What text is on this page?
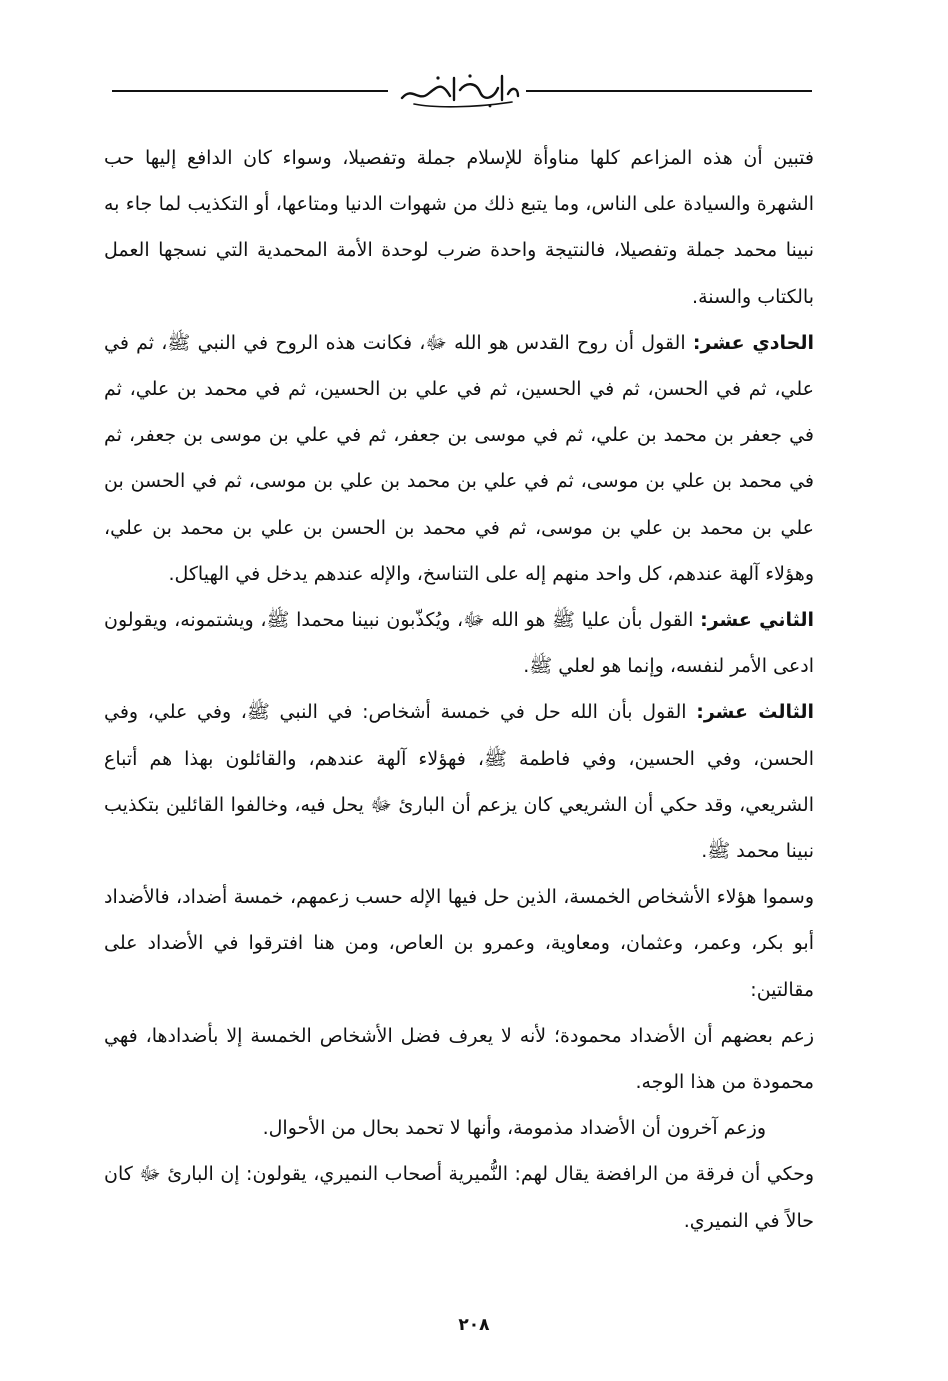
فتبين أن هذه المزاعم كلها مناوأة للإسلام جملة وتفصيلا، وسواء كان الدافع إليها حب الشهرة والسيادة على الناس، وما يتبع ذلك من شهوات الدنيا ومتاعها، أو التكذيب لما جاء به نبينا محمد جملة وتفصيلا، فالنتيجة واحدة ضرب لوحدة الأمة المحمدية التي نسجها العمل بالكتاب والسنة.

الحادي عشر: القول أن روح القدس هو الله ﷻ، فكانت هذه الروح في النبي ﷺ، ثم في علي، ثم في الحسن، ثم في الحسين، ثم في علي بن الحسين، ثم في محمد بن علي، ثم في جعفر بن محمد بن علي، ثم في موسى بن جعفر، ثم في علي بن موسى بن جعفر، ثم في محمد بن علي بن موسى، ثم في علي بن محمد بن علي بن موسى، ثم في الحسن بن علي بن محمد بن علي بن موسى، ثم في محمد بن الحسن بن علي بن محمد بن علي، وهؤلاء آلهة عندهم، كل واحد منهم إله على التناسخ، والإله عندهم يدخل في الهياكل.

الثاني عشر: القول بأن عليا ﷺ هو الله ﷻ، ويُكذّبون نبينا محمدا ﷺ، ويشتمونه، ويقولون ادعى الأمر لنفسه، وإنما هو لعلي ﷺ.

الثالث عشر: القول بأن الله حل في خمسة أشخاص: في النبي ﷺ، وفي علي، وفي الحسن، وفي الحسين، وفي فاطمة ﷺ، فهؤلاء آلهة عندهم، والقائلون بهذا هم أتباع الشريعي، وقد حكي أن الشريعي كان يزعم أن البارئ ﷻ يحل فيه، وخالفوا القائلين بتكذيب نبينا محمد ﷺ.

وسموا هؤلاء الأشخاص الخمسة، الذين حل فيها الإله حسب زعمهم، خمسة أضداد، فالأضداد أبو بكر، وعمر، وعثمان، ومعاوية، وعمرو بن العاص، ومن هنا افترقوا في الأضداد على مقالتين:

زعم بعضهم أن الأضداد محمودة؛ لأنه لا يعرف فضل الأشخاص الخمسة إلا بأضدادها، فهي محمودة من هذا الوجه.

وزعم آخرون أن الأضداد مذمومة، وأنها لا تحمد بحال من الأحوال.

وحكي أن فرقة من الرافضة يقال لهم: النُّميرية أصحاب النميري، يقولون: إن البارئ ﷻ كان حالاً في النميري.

٢٠٨
